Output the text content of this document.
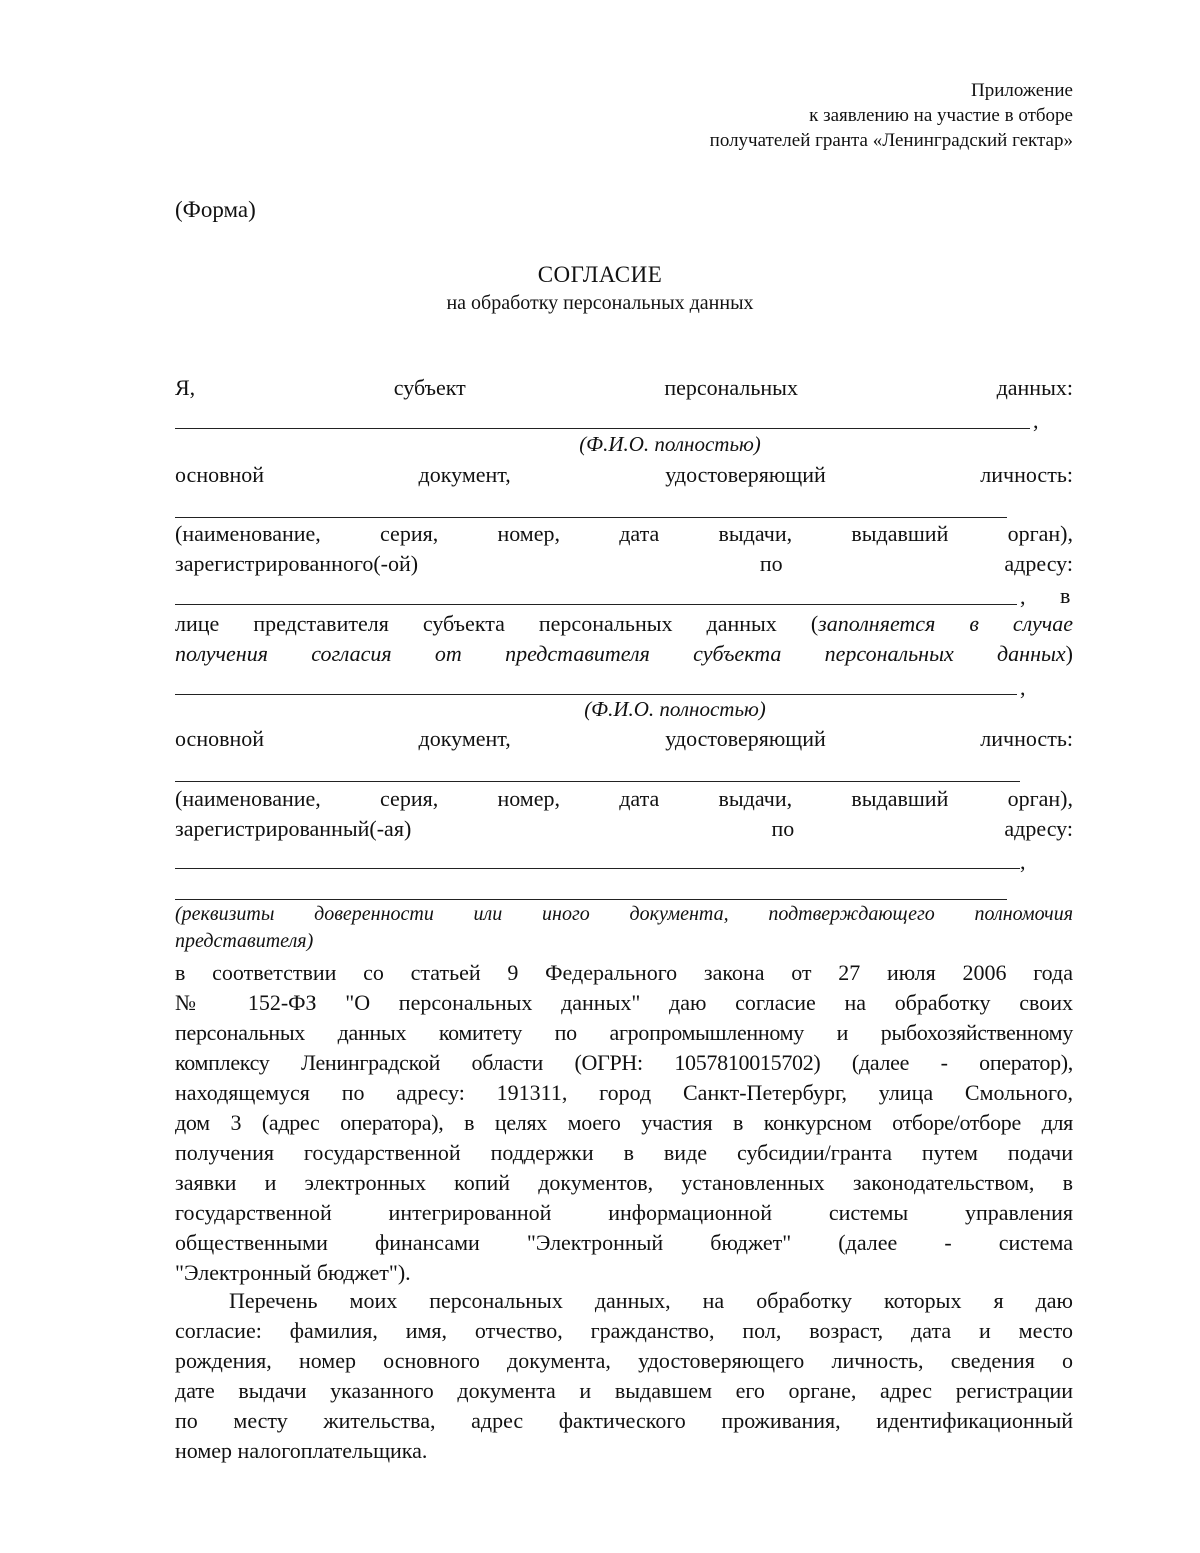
Приложение
к заявлению на участие в отборе
получателей гранта «Ленинградский гектар»
(Форма)
СОГЛАСИЕ
на обработку персональных данных
Я,	субъект	персональных	данных:
,
(Ф.И.О. полностью)
основной	документ,	удостоверяющий	личность:
(наименование,	серия,	номер,	дата	выдачи,	выдавший	орган),
зарегистрированного(-ой)	по	адресу:
, в
лице представителя субъекта персональных данных (заполняется в случае
получения согласия от представителя субъекта персональных данных)
,
(Ф.И.О. полностью)
основной	документ,	удостоверяющий	личность:
(наименование,	серия,	номер,	дата	выдачи,	выдавший	орган),
зарегистрированный(-ая)	по	адресу:
,
(реквизиты доверенности или иного документа, подтверждающего полномочия
представителя)
в соответствии со статьей 9 Федерального закона от 27 июля 2006 года
№ 152-ФЗ "О персональных данных" даю согласие на обработку своих
персональных данных комитету по агропромышленному и рыбохозяйственному
комплексу Ленинградской области (ОГРН: 1057810015702) (далее - оператор),
находящемуся по адресу: 191311, город Санкт-Петербург, улица Смольного,
дом 3 (адрес оператора), в целях моего участия в конкурсном отборе/отборе для
получения государственной поддержки в виде субсидии/гранта путем подачи
заявки и электронных копий документов, установленных законодательством, в
государственной интегрированной информационной системы управления
общественными финансами "Электронный бюджет" (далее - система
"Электронный бюджет").
Перечень моих персональных данных, на обработку которых я даю
согласие: фамилия, имя, отчество, гражданство, пол, возраст, дата и место
рождения, номер основного документа, удостоверяющего личность, сведения о
дате выдачи указанного документа и выдавшем его органе, адрес регистрации
по месту жительства, адрес фактического проживания, идентификационный
номер налогоплательщика.
